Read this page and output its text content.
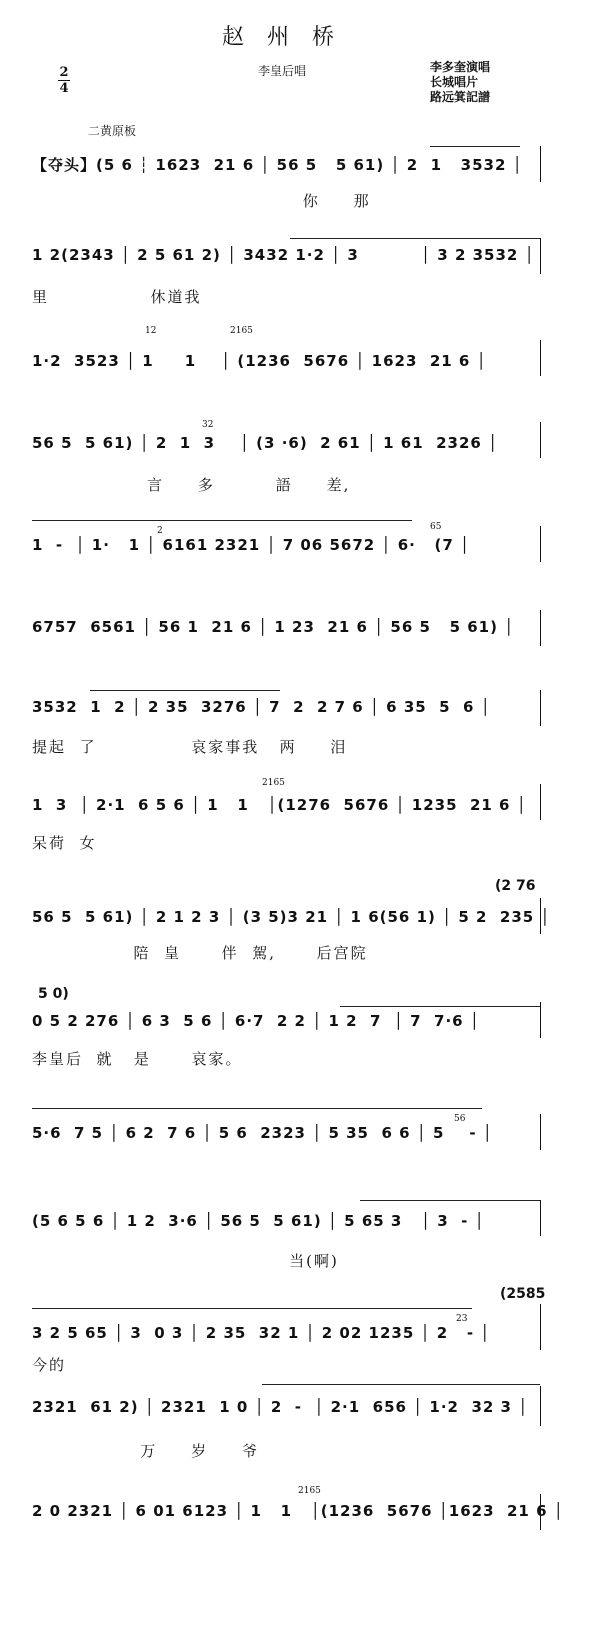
赵 州 桥
李皇后唱	李多奎演唱
长城唱片
路远箕記譜
2
4
二黄原板
【夺头】(5 6 ┆ 1623  21 6 │ 56 5   5 61) │ 2  1   3532 │
你     那
1 2(2343 │ 2 5 61 2) │ 3432 1·2 │ 3          │ 3 2 3532 │
里               休道我
12	2165
1·2  3523 │ 1     1    │ (1236  5676 │ 1623  21 6 │
32
56 5  5 61) │ 2  1  3    │ (3 ·6)  2 61 │ 1 61  2326 │
言     多         語     差,
2	65
1  -  │ 1·   1 │ 6161 2321 │ 7 06 5672 │ 6·   (7 │
6757  6561 │ 56 1  21 6 │ 1 23  21 6 │ 56 5   5 61) │
3532  1  2 │ 2 35  3276 │ 7  2  2 7 6 │ 6 35  5  6 │
提起  了              哀家事我   两     泪
2165
1  3  │ 2·1  6 5 6 │ 1   1   │(1276  5676 │ 1235  21 6 │
呆荷  女
(2 76
56 5  5 61) │ 2 1 2 3 │ (3 5)3 21 │ 1 6(56 1) │ 5 2  235 │
陪  皇      伴  駕,      后宫院
5 0)
0 5 2 276 │ 6 3  5 6 │ 6·7  2 2 │ 1 2  7  │ 7  7·6 │
李皇后  就   是      哀家。
56
5·6  7 5 │ 6 2  7 6 │ 5 6  2323 │ 5 35  6 6 │ 5    - │
(5 6 5 6 │ 1 2  3·6 │ 56 5  5 61) │ 5 65 3   │ 3  - │
当(啊)
(2585
23
3 2 5 65 │ 3  0 3 │ 2 35  32 1 │ 2 02 1235 │ 2   - │
今的
2321  61 2) │ 2321  1 0 │ 2  -  │ 2·1  656 │ 1·2  32 3 │
万     岁     爷
2165
2 0 2321 │ 6 01 6123 │ 1   1   │(1236  5676 │1623  21 6 │
